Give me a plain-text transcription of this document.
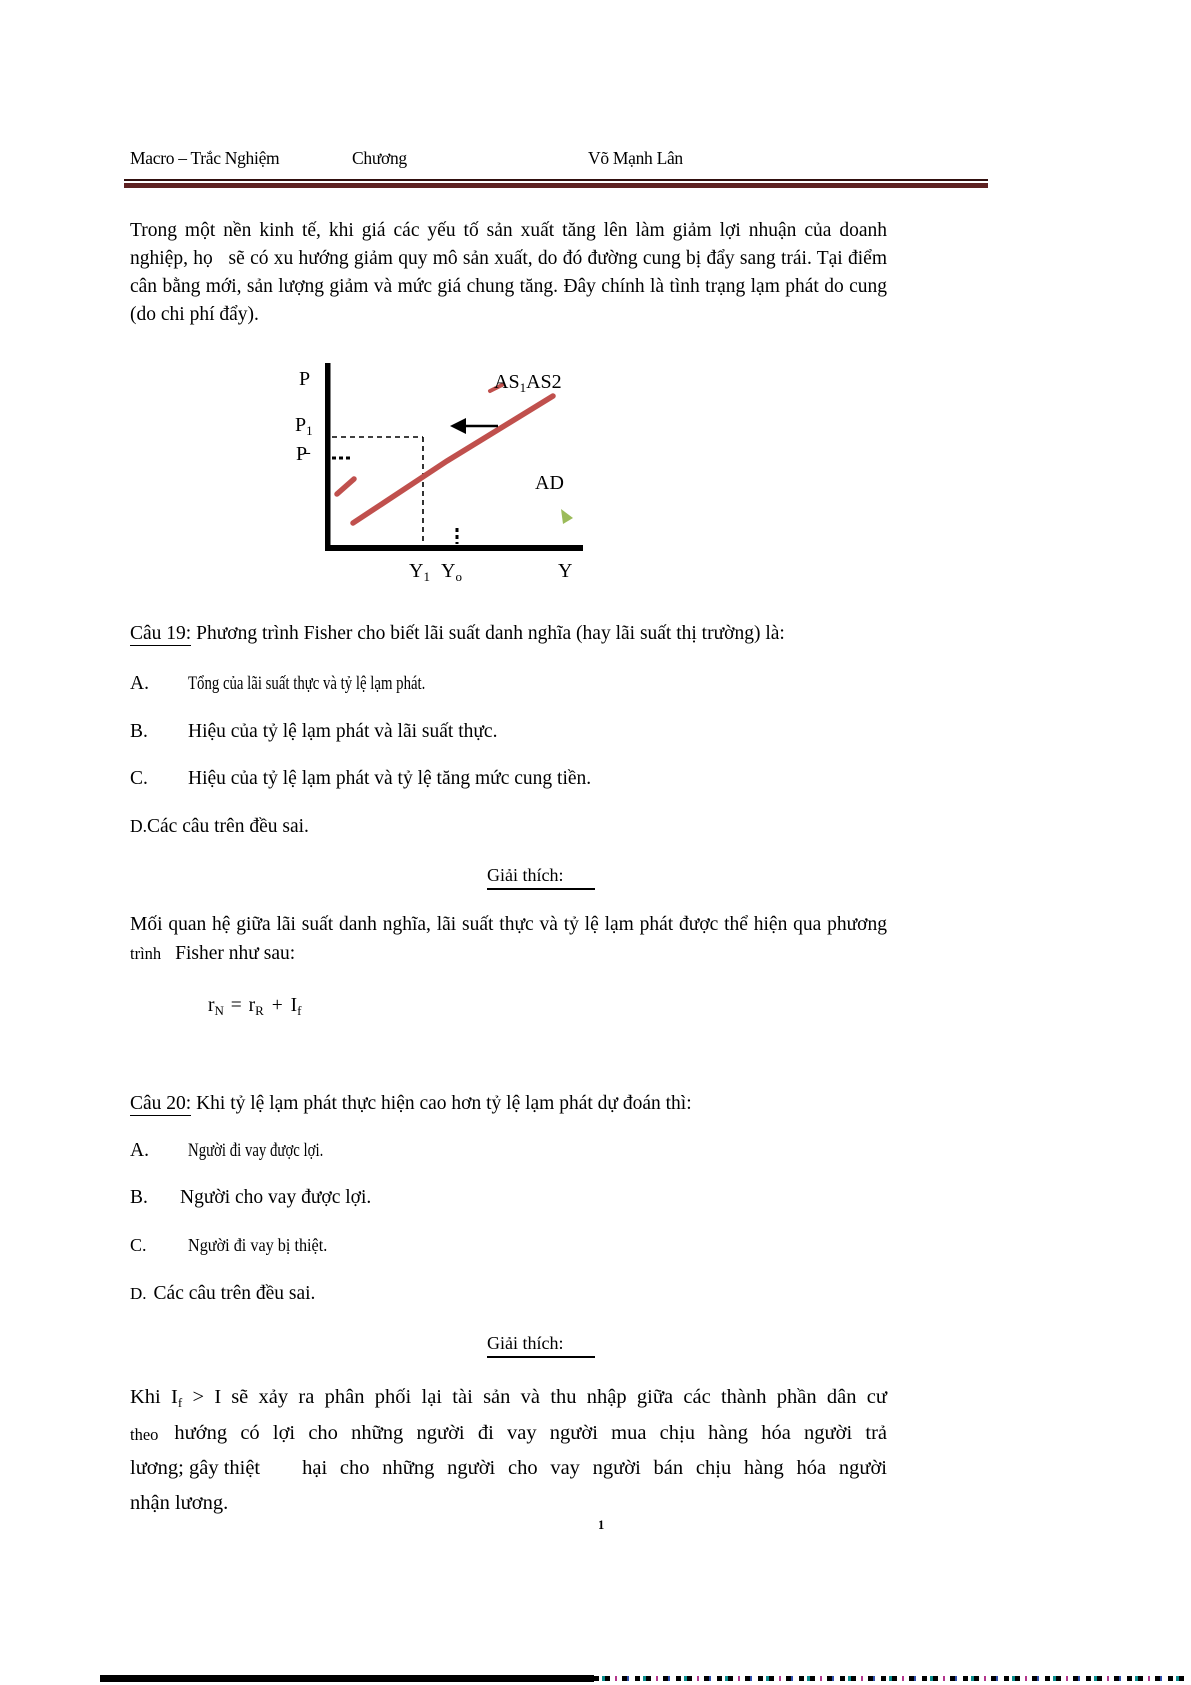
Macro – Trắc Nghiệm	Chương	Võ Mạnh Lân
Trong một nền kinh tế, khi giá các yếu tố sản xuất tăng lên làm giảm lợi nhuận của doanh nghiệp, họ   sẽ có xu hướng giảm quy mô sản xuất, do đó đường cung bị đẩy sang trái. Tại điểm cân bằng mới, sản lượng giảm và mức giá chung tăng. Đây chính là tình trạng lạm phát do cung (do chi phí đẩy).
P
$P_1$
P̵
$AS_1AS2$
AD
$Y_1$ $Y_o$	Y
Câu 19: Phương trình Fisher cho biết lãi suất danh nghĩa (hay lãi suất thị trường) là:
A. Tổng của lãi suất thực và tỷ lệ lạm phát.
B. Hiệu của tỷ lệ lạm phát và lãi suất thực.
C. Hiệu của tỷ lệ lạm phát và tỷ lệ tăng mức cung tiền.
D.Các câu trên đều sai.
Giải thích:
Mối quan hệ giữa lãi suất danh nghĩa, lãi suất thực và tỷ lệ lạm phát được thể hiện qua phương
trình Fisher như sau:
$r_N = r_R + I_f$
Câu 20: Khi tỷ lệ lạm phát thực hiện cao hơn tỷ lệ lạm phát dự đoán thì:
A. Người đi vay được lợi.
B. Người cho vay được lợi.
C. Người đi vay bị thiệt.
D. Các câu trên đều sai.
Giải thích:
Khi $I_f > I$ sẽ xảy ra phân phối lại tài sản và thu nhập giữa các thành phần dân cư
theo hướng có lợi cho những người đi vay người mua chịu hàng hóa người trả
lương; gây thiệt hại cho những người cho vay người bán chịu hàng hóa người
nhận lương.
1
